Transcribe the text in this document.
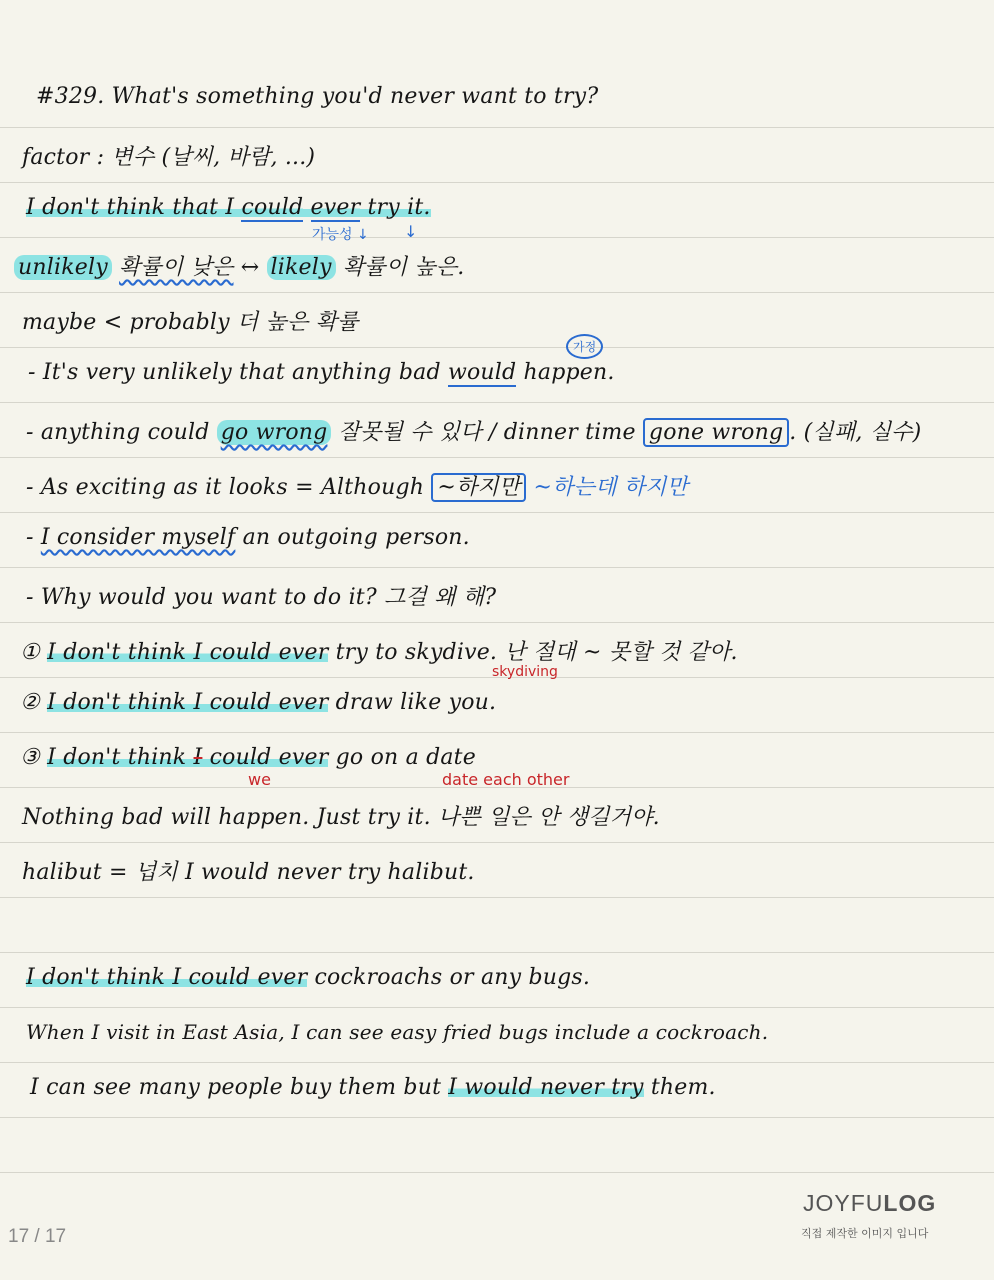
#329. What's something you'd never want to try?
factor : 변수 (날씨, 바람, ...)
I don't think that I could ever try it.
가능성 ↓ ↓
unlikely 확률이 낮은 ↔ likely 확률이 높은.
maybe < probably 더 높은 확률
- It's very unlikely that anything bad would happen.
가정
- anything could go wrong 잘못될 수 있다 / dinner time gone wrong . (실패, 실수)
- As exciting as it looks = Although ~하지만 ~하는데 하지만
- I consider myself an outgoing person.
- Why would you want to do it? 그걸 왜 해?
① I don't think I could ever try to skydive. 난 절대 ~ 못할 것 같아.
skydiving
② I don't think I could ever draw like you.
③ I don't think I could ever go on a date
we	date each other
Nothing bad will happen. Just try it. 나쁜 일은 안 생길거야.
halibut = 넙치 I would never try halibut.
I don't think I could ever cockroachs or any bugs.
When I visit in East Asia, I can see easy fried bugs include a cockroach.
I can see many people buy them but I would never try them.
17 / 17
JOYFULOG
직접 제작한 이미지 입니다
